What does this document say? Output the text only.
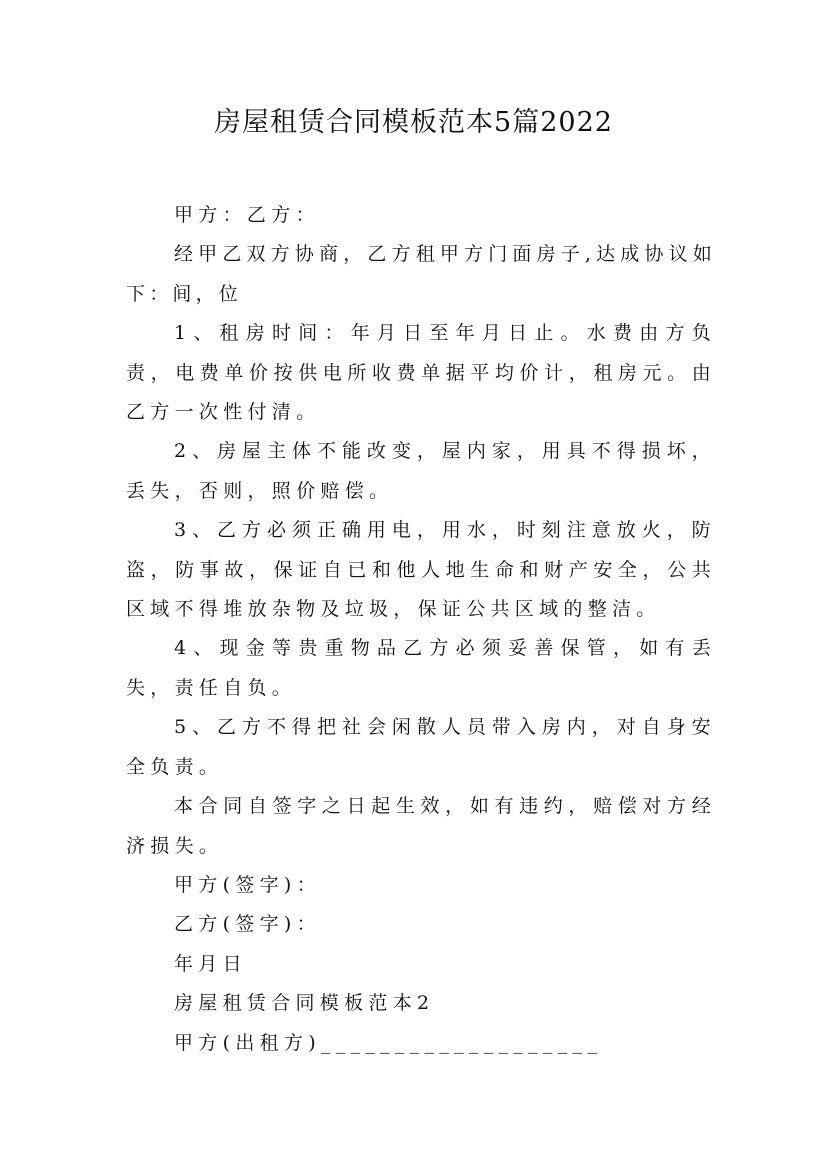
房屋租赁合同模板范本5篇2022

甲方：乙方：

经甲乙双方协商，乙方租甲方门面房子,达成协议如下：间，位

1、租房时间：年月日至年月日止。水费由方负责，电费单价按供电所收费单据平均价计，租房元。由乙方一次性付清。

2、房屋主体不能改变，屋内家，用具不得损坏，丢失，否则，照价赔偿。

3、乙方必须正确用电，用水，时刻注意放火，防盗，防事故，保证自已和他人地生命和财产安全，公共区域不得堆放杂物及垃圾，保证公共区域的整洁。

4、现金等贵重物品乙方必须妥善保管，如有丢失，责任自负。

5、乙方不得把社会闲散人员带入房内，对自身安全负责。

本合同自签字之日起生效，如有违约，赔偿对方经济损失。

甲方(签字)：

乙方(签字)：

年月日

房屋租赁合同模板范本2

甲方(出租方)___________________
